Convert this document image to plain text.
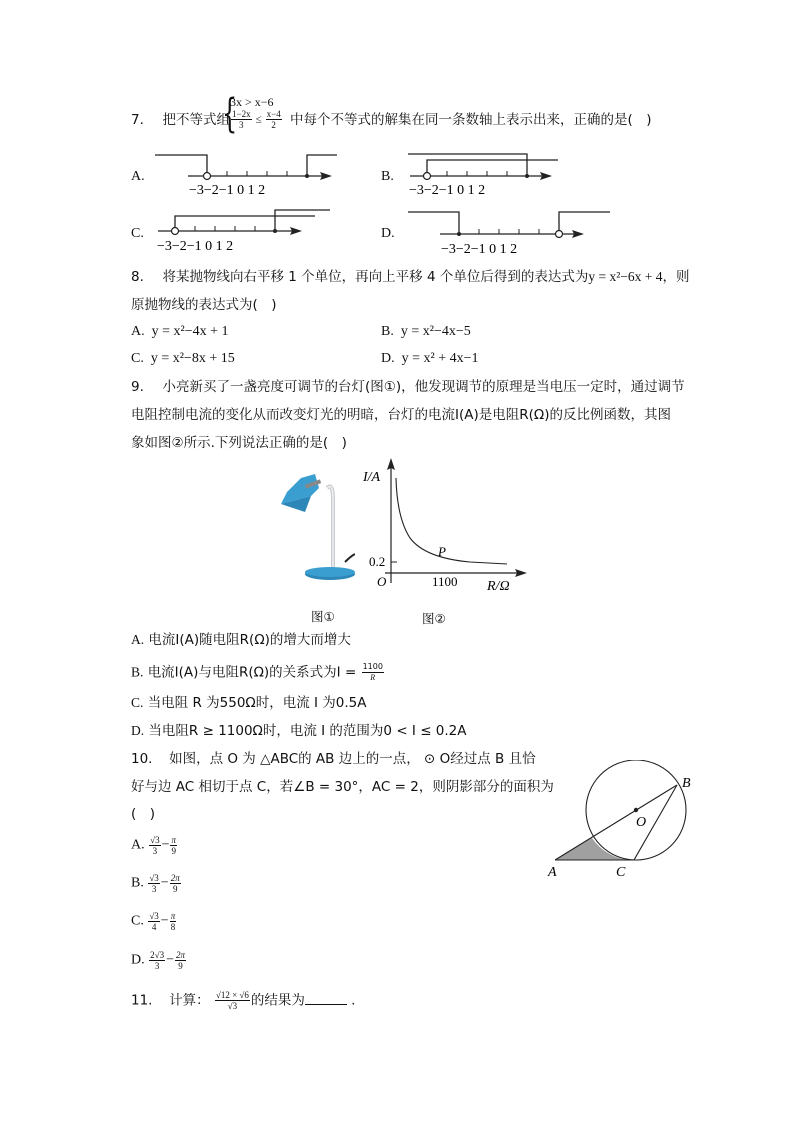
7. 把不等式组
{
3x > x−6
$\frac{1-2x}{3} \le \frac{x-4}{2}$ 中每个不等式的解集在同一条数轴上表示出来，正确的是(　)
A.
−3−2−1 0 1 2
B.
−3−2−1 0 1 2
C.
−3−2−1 0 1 2
D.
−3−2−1 0 1 2
8. 将某抛物线向右平移 1 个单位，再向上平移 4 个单位后得到的表达式为y = x²−6x + 4，则
原抛物线的表达式为(　)
A. y = x²−4x + 1	B. y = x²−4x−5
C. y = x²−8x + 15	D. y = x² + 4x−1
9. 小亮新买了一盏亮度可调节的台灯(图①)，他发现调节的原理是当电压一定时，通过调节
电阻控制电流的变化从而改变灯光的明暗，台灯的电流I(A)是电阻R(Ω)的反比例函数，其图
象如图②所示.下列说法正确的是(　)
I/A
0.2
O	1100 R/Ω
P
图①	图②
A. 电流I(A)随电阻R(Ω)的增大而增大
B. 电流I(A)与电阻R(Ω)的关系式为$I = \frac{1100}{R}$
C. 当电阻 R 为550Ω时，电流 I 为0.5A
D. 当电阻R ≥ 1100Ω时，电流 I 的范围为0 < I ≤ 0.2A
10. 如图，点 O 为 △ABC的 AB 边上的一点， ⊙ O经过点 B 且恰
好与边 AC 相切于点 C，若∠B = 30°，AC = 2，则阴影部分的面积为
(　)
B
O
A	C
A. $\frac{√3}{3} - \frac{\pi}{9}$
B. $\frac{√3}{3} - \frac{2\pi}{9}$
C. $\frac{√3}{4} - \frac{\pi}{8}$
D. $\frac{2√3}{3} - \frac{2\pi}{9}$
11. 计算： $\frac{√12 \times √6}{√3}$ 的结果为	.
